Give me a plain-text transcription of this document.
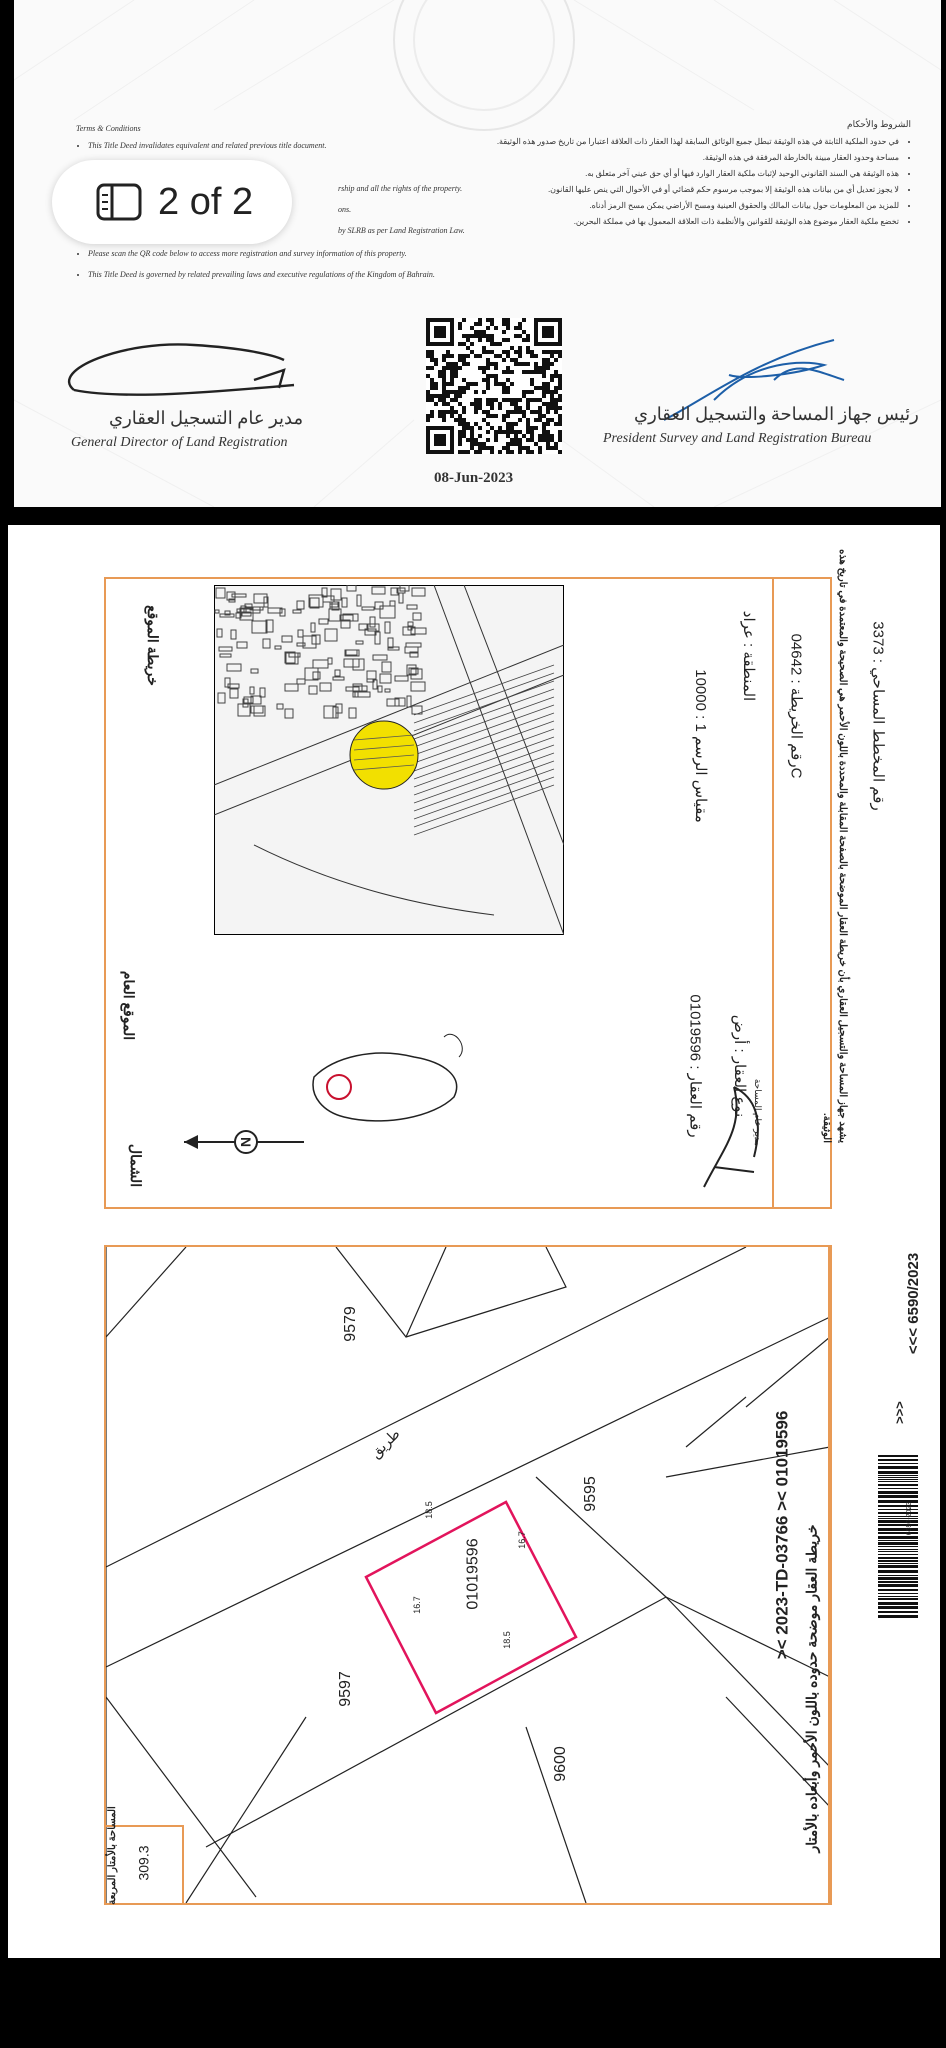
Terms & Conditions
• This Title Deed invalidates equivalent and related previous title document.
rship and all the rights of the property.
ons.
by SLRB as per Land Registration Law.
• Please scan the QR code below to access more registration and survey information of this property.
• This Title Deed is governed by related prevailing laws and executive regulations of the Kingdom of Bahrain.
الشروط والأحكام
• في حدود الملكية الثابتة في هذه الوثيقة تبطل جميع الوثائق السابقة لهذا العقار ذات العلاقة اعتبارا من تاريخ صدور هذه الوثيقة.
• مساحة وحدود العقار مبينة بالخارطة المرفقة في هذه الوثيقة.
• هذه الوثيقة هي السند القانوني الوحيد لإثبات ملكية العقار الوارد فيها أو أي حق عيني آخر متعلق به.
• لا يجوز تعديل أي من بيانات هذه الوثيقة إلا بموجب مرسوم حكم قضائي أو في الأحوال التي ينص عليها القانون.
• للمزيد من المعلومات حول بيانات المالك والحقوق العينية ومسح الأراضي يمكن مسح الرمز أدناه.
• تخضع ملكية العقار موضوع هذه الوثيقة للقوانين والأنظمة ذات العلاقة المعمول بها في مملكة البحرين.
مدير عام التسجيل العقاري
General Director of Land Registration
رئيس جهاز المساحة والتسجيل العقاري
President Survey and Land Registration Bureau
08-Jun-2023
2 of 2
خريطة الموقع
مقياس الرسم 1 : 10000
المنطقة : عراد رقم الخريطة : 04642C
رقم المخطط المساحي : 3373
الموقع العام
الشمال
N
رقم العقار : 01019596 نوع العقار : أرض مدير عام المساحة	يشهد جهاز المساحة والتسجيل العقاري بأن خريطة العقار الموضحة بالصفحة المقابلة والمحددة باللون الأحمر هي الصحيحة والمعتمدة في تاريخ هذه الوثيقة.
>< 2023-TD-03766 >< 01019596	>>>
9579
9595
9597
9600
01019596
طريق
18.5
16.7
18.5
16.7	خريطة العقار موضحة حدوده باللون الأحمر وأبعاده بالأمتار
<<< 6590/2023
6590-2023
المساحة بالأمتار المربعة 309.3
